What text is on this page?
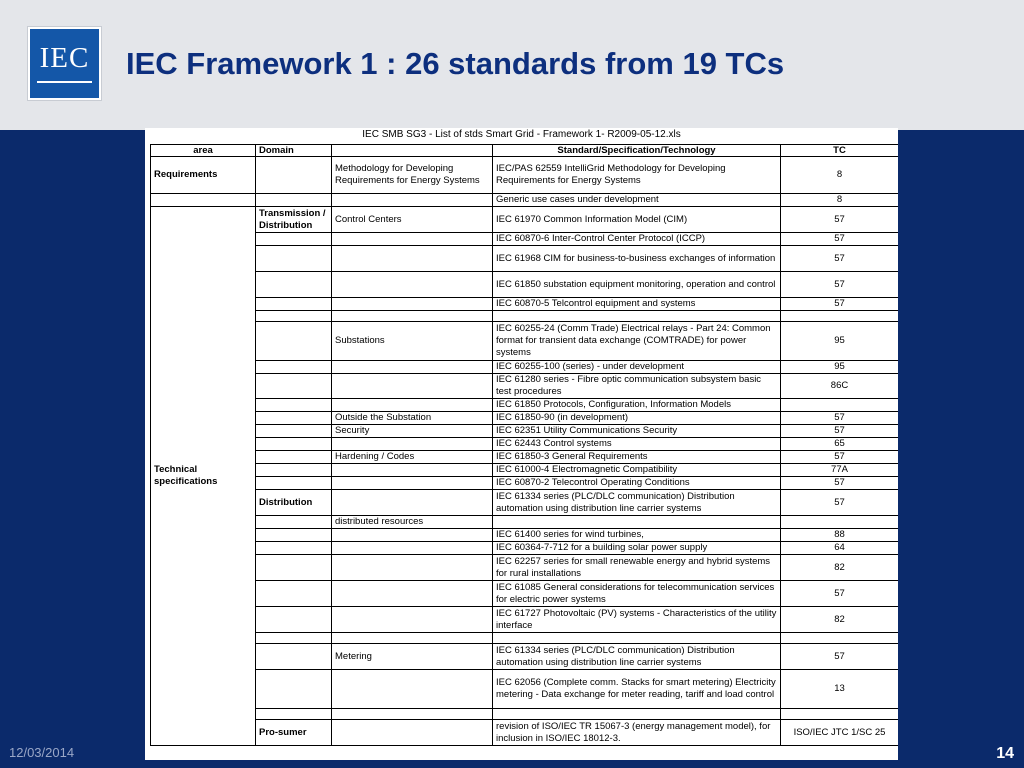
IEC	IEC Framework 1 : 26 standards from 19 TCs
IEC SMB SG3 - List of stds Smart Grid - Framework 1- R2009-05-12.xls
area	Domain		Standard/Specification/Technology	TC
Requirements		Methodology for Developing Requirements for Energy Systems	IEC/PAS 62559 IntelliGrid Methodology for Developing Requirements for Energy Systems	8
			Generic use cases under development	8
Technical specifications	Transmission / Distribution	Control Centers	IEC 61970 Common Information Model (CIM)	57
			IEC 60870-6 Inter-Control Center Protocol (ICCP)	57
			IEC 61968 CIM for business-to-business exchanges of information	57
			IEC 61850 substation equipment monitoring, operation and control	57
			IEC 60870-5 Telcontrol equipment and systems	57

		Substations	IEC 60255-24 (Comm Trade) Electrical relays - Part 24: Common format for transient data exchange (COMTRADE) for power systems	95
			IEC 60255-100 (series) - under development	95
			IEC 61280 series - Fibre optic communication subsystem basic test procedures	86C
			IEC 61850 Protocols, Configuration, Information Models	
		Outside the Substation	IEC 61850-90 (in development)	57
		Security	IEC 62351 Utility Communications Security	57
			IEC 62443 Control systems	65
		Hardening / Codes	IEC 61850-3 General Requirements	57
			IEC 61000-4 Electromagnetic Compatibility	77A
			IEC 60870-2 Telecontrol Operating Conditions	57
	Distribution		IEC 61334 series (PLC/DLC communication) Distribution automation using distribution line carrier systems	57
		distributed resources		
			IEC 61400 series for wind turbines,	88
			IEC 60364-7-712 for a building solar power supply	64
			IEC 62257 series for small renewable energy and hybrid systems for rural installations	82
			IEC 61085 General considerations for telecommunication services for electric power systems	57
			IEC 61727 Photovoltaic (PV) systems - Characteristics of the utility interface	82

		Metering	IEC 61334 series (PLC/DLC communication) Distribution automation using distribution line carrier systems	57
			IEC 62056 (Complete comm. Stacks for smart metering) Electricity metering - Data exchange for meter reading, tariff and load control	13

	Pro-sumer		revision of ISO/IEC TR 15067-3 (energy management model), for inclusion in ISO/IEC 18012-3.	ISO/IEC JTC 1/SC 25
12/03/2014	14
